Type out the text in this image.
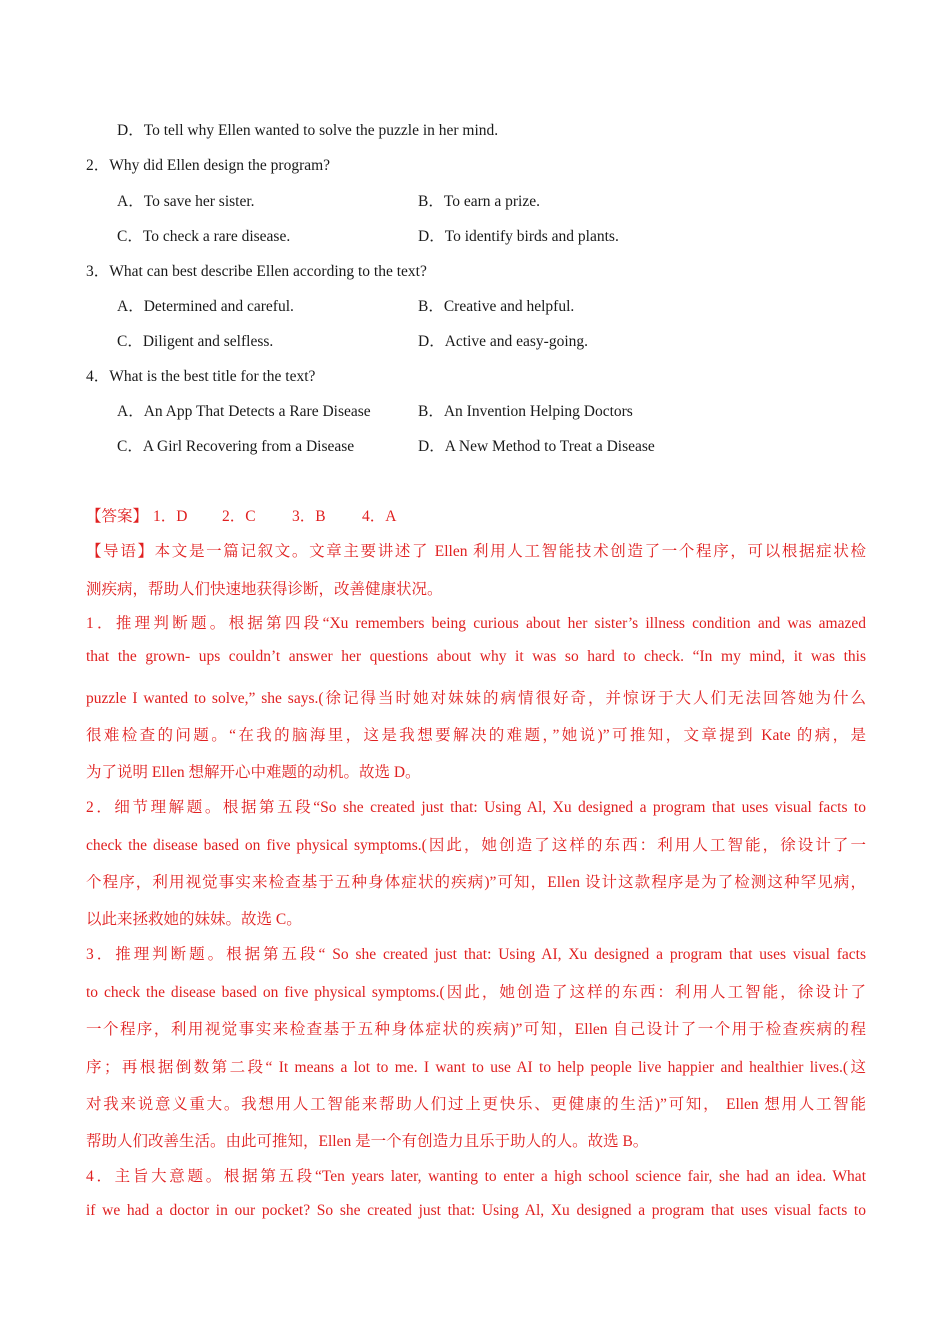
D．To tell why Ellen wanted to solve the puzzle in her mind.
2．Why did Ellen design the program?
A．To save her sister.	B．To earn a prize.
C．To check a rare disease.	D．To identify birds and plants.
3．What can best describe Ellen according to the text?
A．Determined and careful.	B．Creative and helpful.
C．Diligent and selfless.	D．Active and easy-going.
4．What is the best title for the text?
A．An App That Detects a Rare Disease	B．An Invention Helping Doctors
C．A Girl Recovering from a Disease	D．A New Method to Treat a Disease
【答案】 1．D 2．C 3．B 4．A
【导语】本文是一篇记叙文。文章主要讲述了 Ellen 利用人工智能技术创造了一个程序，可以根据症状检
测疾病，帮助人们快速地获得诊断，改善健康状况。
1．推理判断题。根据第四段“Xu remembers being curious about her sister’s illness condition and was amazed
that the grown- ups couldn’t answer her questions about why it was so hard to check. “In my mind, it was this
puzzle I wanted to solve,” she says.(徐记得当时她对妹妹的病情很好奇，并惊讶于大人们无法回答她为什么
很难检查的问题。“在我的脑海里，这是我想要解决的难题，”她说)”可推知，文章提到 Kate 的病，是
为了说明 Ellen 想解开心中难题的动机。故选 D。
2．细节理解题。根据第五段“So she created just that: Using Al, Xu designed a program that uses visual facts to
check the disease based on five physical symptoms.(因此，她创造了这样的东西：利用人工智能，徐设计了一
个程序，利用视觉事实来检查基于五种身体症状的疾病)”可知，Ellen 设计这款程序是为了检测这种罕见病，
以此来拯救她的妹妹。故选 C。
3．推理判断题。根据第五段“ So she created just that: Using AI, Xu designed a program that uses visual facts
to check the disease based on five physical symptoms.(因此，她创造了这样的东西：利用人工智能，徐设计了
一个程序，利用视觉事实来检查基于五种身体症状的疾病)”可知，Ellen 自己设计了一个用于检查疾病的程
序；再根据倒数第二段“ It means a lot to me. I want to use AI to help people live happier and healthier lives.(这
对我来说意义重大。我想用人工智能来帮助人们过上更快乐、更健康的生活)”可知， Ellen 想用人工智能
帮助人们改善生活。由此可推知，Ellen 是一个有创造力且乐于助人的人。故选 B。
4．主旨大意题。根据第五段“Ten years later, wanting to enter a high school science fair, she had an idea. What
if we had a doctor in our pocket? So she created just that: Using Al, Xu designed a program that uses visual facts to
